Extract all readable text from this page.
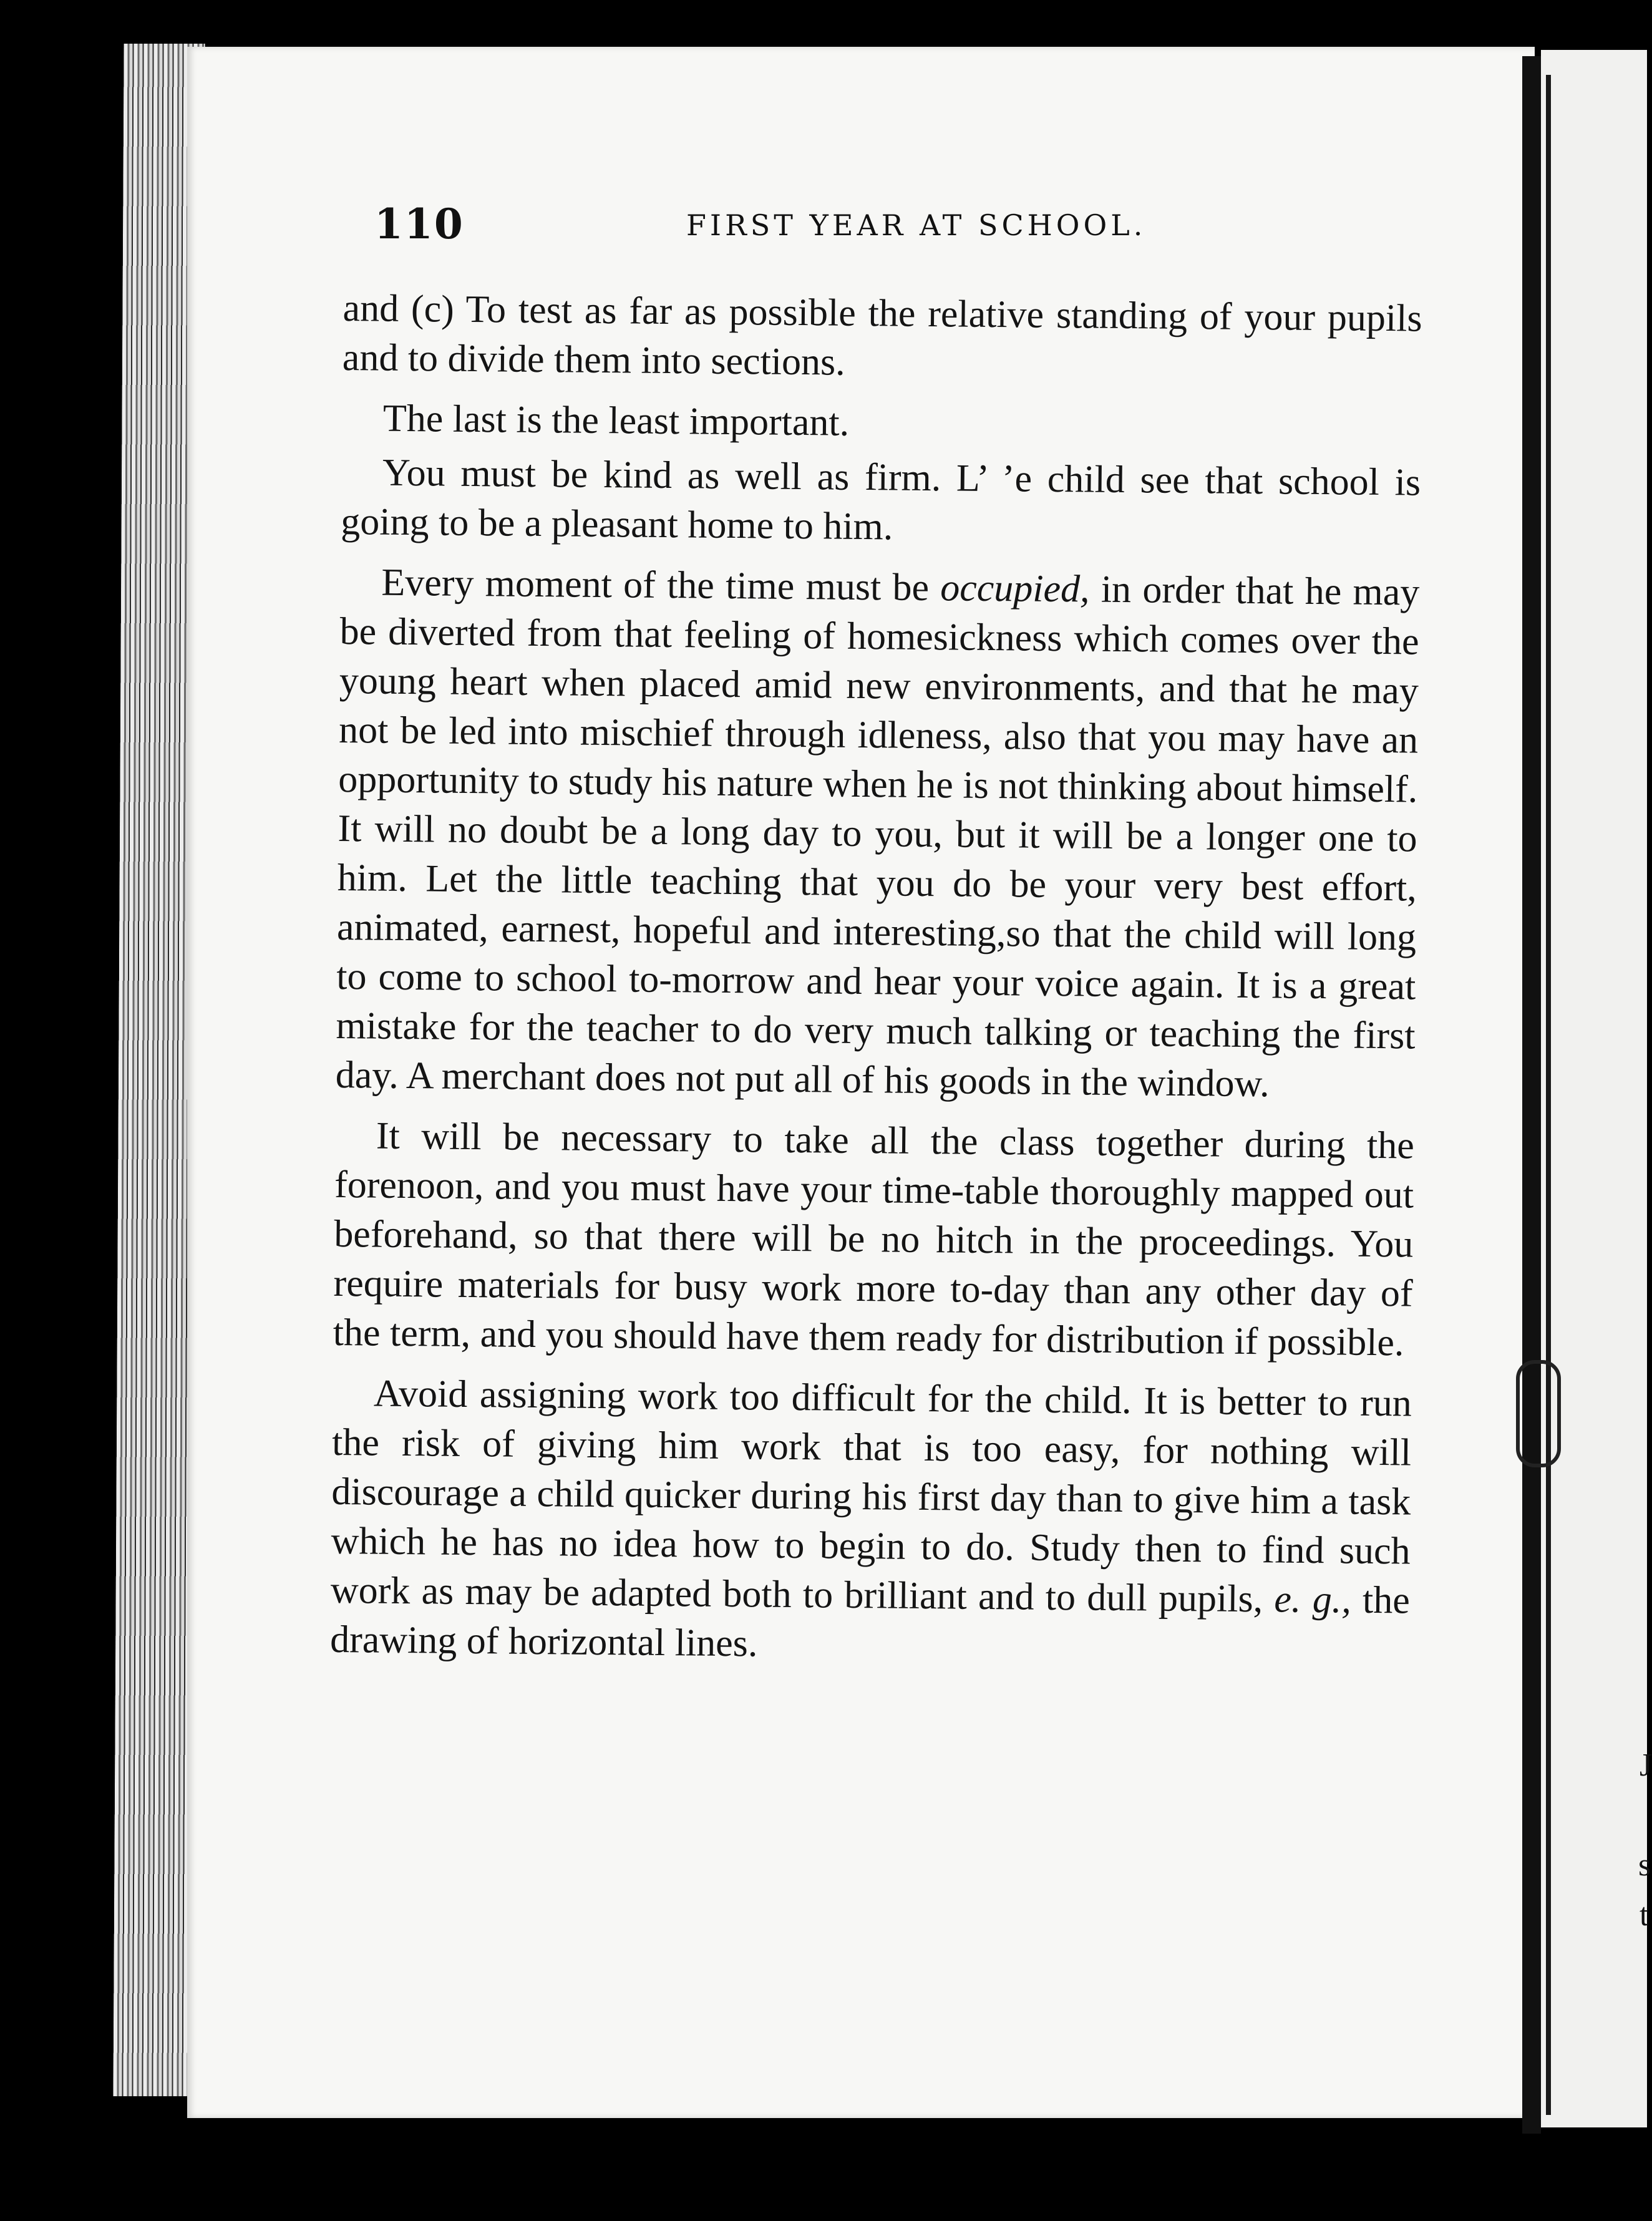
J
s
t
110	FIRST YEAR AT SCHOOL.

and (c) To test as far as possible the relative standing of your pupils and to divide them into sections.

The last is the least important.

You must be kind as well as firm. L’ ’e child see that school is going to be a pleasant home to him.

Every moment of the time must be occupied, in order that he may be diverted from that feeling of homesickness which comes over the young heart when placed amid new environments, and that he may not be led into mischief through idleness, also that you may have an opportunity to study his nature when he is not thinking about himself. It will no doubt be a long day to you, but it will be a longer one to him. Let the little teaching that you do be your very best effort, animated, earnest, hopeful and interesting,so that the child will long to come to school to-morrow and hear your voice again. It is a great mistake for the teacher to do very much talking or teaching the first day. A merchant does not put all of his goods in the window.

It will be necessary to take all the class together during the forenoon, and you must have your time-table thoroughly mapped out beforehand, so that there will be no hitch in the proceedings. You require materials for busy work more to-day than any other day of the term, and you should have them ready for distribution if possible.

Avoid assigning work too difficult for the child. It is better to run the risk of giving him work that is too easy, for nothing will discourage a child quicker during his first day than to give him a task which he has no idea how to begin to do. Study then to find such work as may be adapted both to brilliant and to dull pupils, e. g., the drawing of horizontal lines.
